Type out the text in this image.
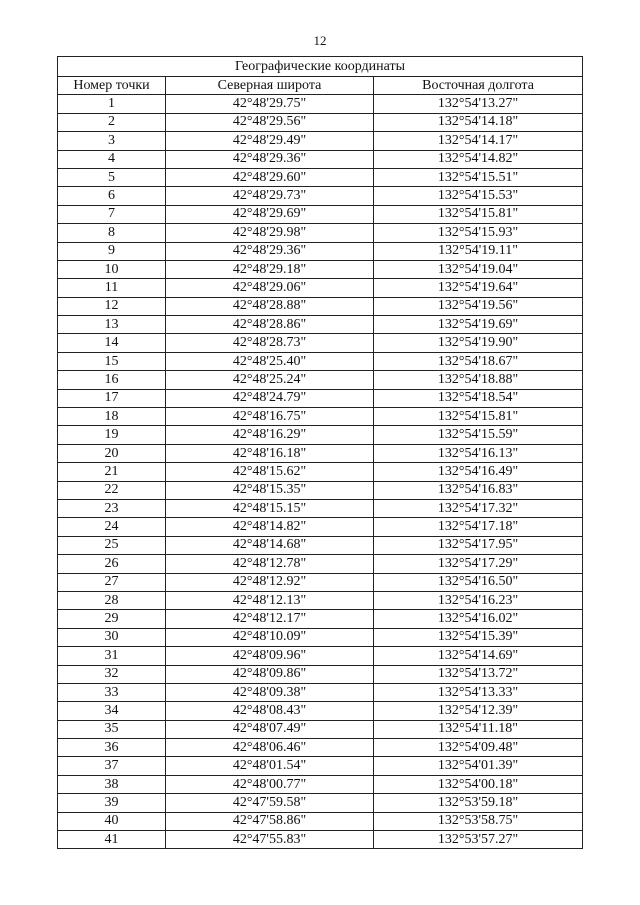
12
Географические координаты		
Номер точки	Северная широта	Восточная долгота
1	42°48'29.75"	132°54'13.27"
2	42°48'29.56"	132°54'14.18"
3	42°48'29.49"	132°54'14.17"
4	42°48'29.36"	132°54'14.82"
5	42°48'29.60"	132°54'15.51"
6	42°48'29.73"	132°54'15.53"
7	42°48'29.69"	132°54'15.81"
8	42°48'29.98"	132°54'15.93"
9	42°48'29.36"	132°54'19.11"
10	42°48'29.18"	132°54'19.04"
11	42°48'29.06"	132°54'19.64"
12	42°48'28.88"	132°54'19.56"
13	42°48'28.86"	132°54'19.69"
14	42°48'28.73"	132°54'19.90"
15	42°48'25.40"	132°54'18.67"
16	42°48'25.24"	132°54'18.88"
17	42°48'24.79"	132°54'18.54"
18	42°48'16.75"	132°54'15.81"
19	42°48'16.29"	132°54'15.59"
20	42°48'16.18"	132°54'16.13"
21	42°48'15.62"	132°54'16.49"
22	42°48'15.35"	132°54'16.83"
23	42°48'15.15"	132°54'17.32"
24	42°48'14.82"	132°54'17.18"
25	42°48'14.68"	132°54'17.95"
26	42°48'12.78"	132°54'17.29"
27	42°48'12.92"	132°54'16.50"
28	42°48'12.13"	132°54'16.23"
29	42°48'12.17"	132°54'16.02"
30	42°48'10.09"	132°54'15.39"
31	42°48'09.96"	132°54'14.69"
32	42°48'09.86"	132°54'13.72"
33	42°48'09.38"	132°54'13.33"
34	42°48'08.43"	132°54'12.39"
35	42°48'07.49"	132°54'11.18"
36	42°48'06.46"	132°54'09.48"
37	42°48'01.54"	132°54'01.39"
38	42°48'00.77"	132°54'00.18"
39	42°47'59.58"	132°53'59.18"
40	42°47'58.86"	132°53'58.75"
41	42°47'55.83"	132°53'57.27"
